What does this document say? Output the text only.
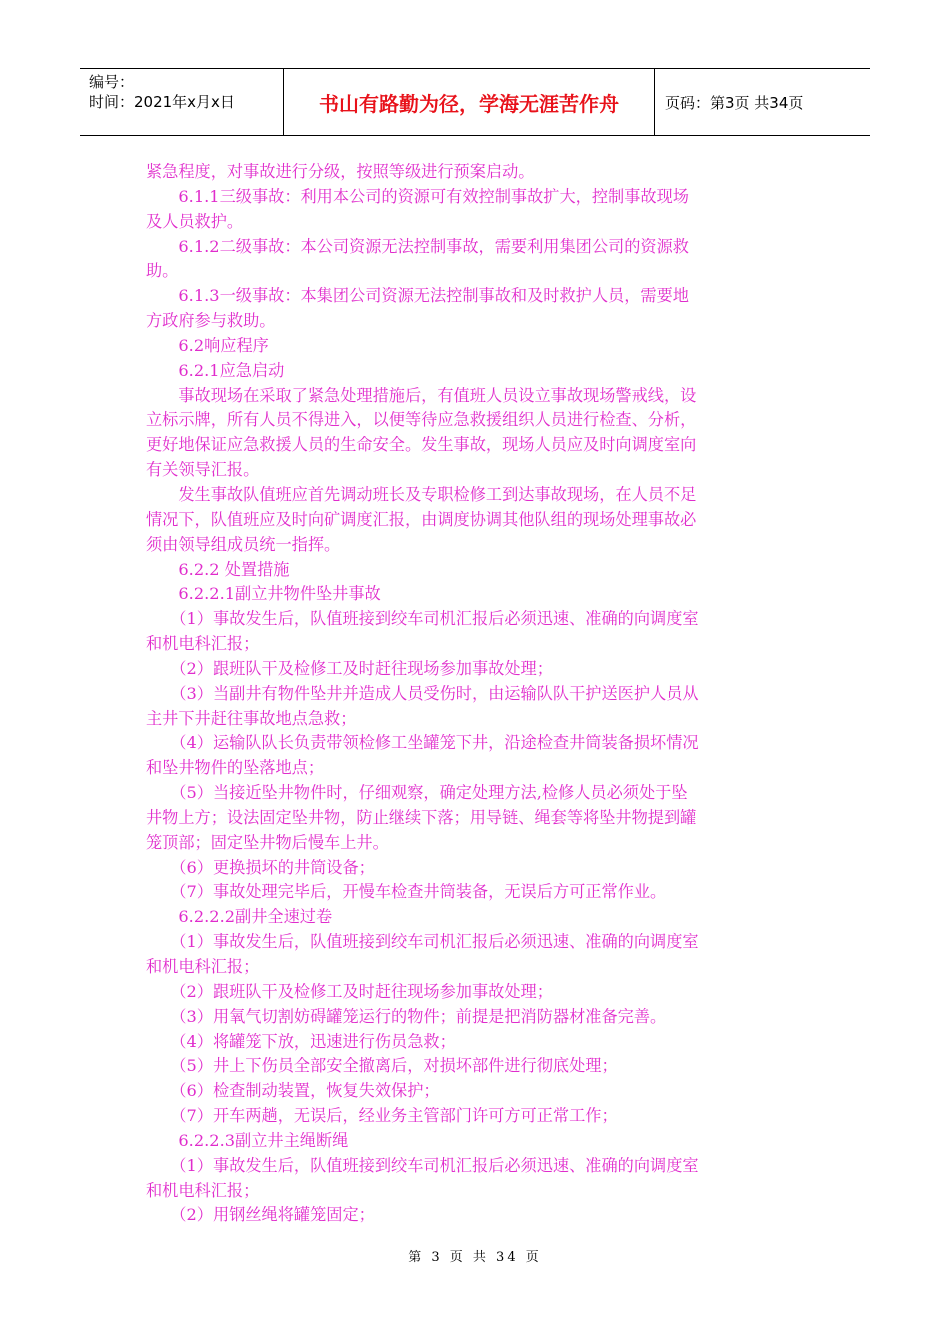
编号：
时间：2021年x月x日	书山有路勤为径，学海无涯苦作舟	页码：第3页 共34页

紧急程度，对事故进行分级，按照等级进行预案启动。

　　6.1.1三级事故：利用本公司的资源可有效控制事故扩大，控制事故现场

及人员救护。

　　6.1.2二级事故：本公司资源无法控制事故，需要利用集团公司的资源救

助。

　　6.1.3一级事故：本集团公司资源无法控制事故和及时救护人员，需要地

方政府参与救助。

　　6.2响应程序

　　6.2.1应急启动

　　事故现场在采取了紧急处理措施后，有值班人员设立事故现场警戒线，设

立标示牌，所有人员不得进入，以便等待应急救援组织人员进行检查、分析，

更好地保证应急救援人员的生命安全。发生事故，现场人员应及时向调度室向

有关领导汇报。

　　发生事故队值班应首先调动班长及专职检修工到达事故现场，在人员不足

情况下，队值班应及时向矿调度汇报，由调度协调其他队组的现场处理事故必

须由领导组成员统一指挥。

　　6.2.2 处置措施

　　6.2.2.1副立井物件坠井事故

　　（1）事故发生后，队值班接到绞车司机汇报后必须迅速、准确的向调度室

和机电科汇报；

　　（2）跟班队干及检修工及时赶往现场参加事故处理；

　　（3）当副井有物件坠井并造成人员受伤时，由运输队队干护送医护人员从

主井下井赶往事故地点急救；

　　（4）运输队队长负责带领检修工坐罐笼下井，沿途检查井筒装备损坏情况

和坠井物件的坠落地点；

　　（5）当接近坠井物件时，仔细观察，确定处理方法,检修人员必须处于坠

井物上方；设法固定坠井物，防止继续下落；用导链、绳套等将坠井物提到罐

笼顶部；固定坠井物后慢车上井。

　　（6）更换损坏的井筒设备；

　　（7）事故处理完毕后，开慢车检查井筒装备，无误后方可正常作业。

　　6.2.2.2副井全速过卷

　　（1）事故发生后，队值班接到绞车司机汇报后必须迅速、准确的向调度室

和机电科汇报；

　　（2）跟班队干及检修工及时赶往现场参加事故处理；

　　（3）用氧气切割妨碍罐笼运行的物件；前提是把消防器材准备完善。

　　（4）将罐笼下放，迅速进行伤员急救；

　　（5）井上下伤员全部安全撤离后，对损坏部件进行彻底处理；

　　（6）检查制动装置，恢复失效保护；

　　（7）开车两趟，无误后，经业务主管部门许可方可正常工作；

　　6.2.2.3副立井主绳断绳

　　（1）事故发生后，队值班接到绞车司机汇报后必须迅速、准确的向调度室

和机电科汇报；

　　（2）用钢丝绳将罐笼固定；

第 3 页 共 34 页
